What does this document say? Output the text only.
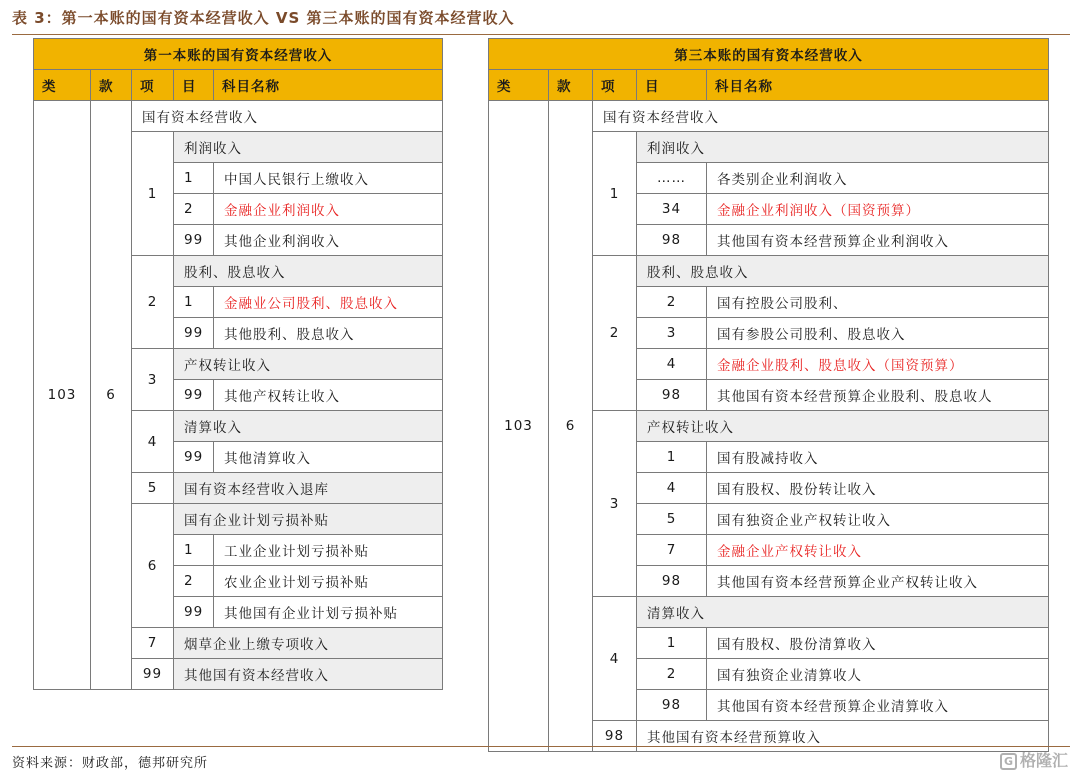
表 3：第一本账的国有资本经营收入 VS 第三本账的国有资本经营收入
第一本账的国有资本经营收入				
类	款	项	目	科目名称
103	6	国有资本经营收入		
		1	利润收入	
			1	中国人民银行上缴收入
			2	金融企业利润收入
			99	其他企业利润收入
		2	股利、股息收入	
			1	金融业公司股利、股息收入
			99	其他股利、股息收入
		3	产权转让收入	
			99	其他产权转让收入
		4	清算收入	
			99	其他清算收入
		5	国有资本经营收入退库	
		6	国有企业计划亏损补贴	
			1	工业企业计划亏损补贴
			2	农业企业计划亏损补贴
			99	其他国有企业计划亏损补贴
		7	烟草企业上缴专项收入	
		99	其他国有资本经营收入	
第三本账的国有资本经营收入				
类	款	项	目	科目名称
103	6	国有资本经营收入		
		1	利润收入	
			……	各类别企业利润收入
			34	金融企业利润收入（国资预算）
			98	其他国有资本经营预算企业利润收入
		2	股利、股息收入	
			2	国有控股公司股利、
			3	国有参股公司股利、股息收入
			4	金融企业股利、股息收入（国资预算）
			98	其他国有资本经营预算企业股利、股息收人
		3	产权转让收入	
			1	国有股减持收入
			4	国有股权、股份转让收入
			5	国有独资企业产权转让收入
			7	金融企业产权转让收入
			98	其他国有资本经营预算企业产权转让收入
		4	清算收入	
			1	国有股权、股份清算收入
			2	国有独资企业清算收人
			98	其他国有资本经营预算企业清算收入
		98	其他国有资本经营预算收入	
资料来源：财政部，德邦研究所	G 格隆汇
